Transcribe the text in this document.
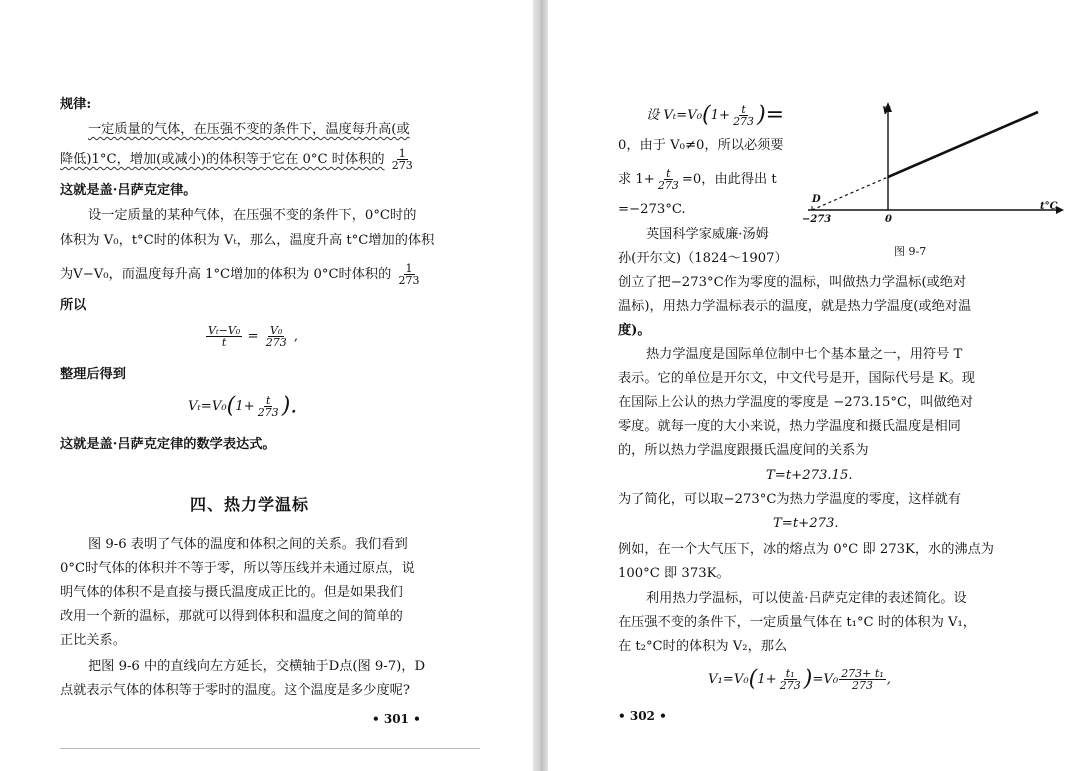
规律:
一定质量的气体，在压强不变的条件下，温度每升高(或
降低)1°C，增加(或减小)的体积等于它在 0°C 时体积的 $\frac{1}{273}$
这就是盖·吕萨克定律。
设一定质量的某种气体，在压强不变的条件下，0°C时的
体积为 V₀，t°C时的体积为 Vₜ，那么，温度升高 t°C增加的体积
为V−V₀，而温度每升高 1°C增加的体积为 0°C时体积的 $\frac{1}{273}$
所以
$\frac{\text{Vₜ−V₀}}{t} = \frac{\text{V₀}}{273}$ ,
整理后得到
$V_t=V_0(1+ \frac{t}{273}$ ).
这就是盖·吕萨克定律的数学表达式。
四、热力学温标
图 9-6 表明了气体的温度和体积之间的关系。我们看到
0°C时气体的体积并不等于零，所以等压线并未通过原点，说
明气体的体积不是直接与摄氏温度成正比的。但是如果我们
改用一个新的温标，那就可以得到体积和温度之间的简单的
正比关系。
把图 9-6 中的直线向左方延长，交横轴于D点(图 9-7)，D
点就表示气体的体积等于零时的温度。这个温度是多少度呢?
• 301 •
设 $V_t=V_0(1+ \frac{t}{273}$ )=
0，由于 V₀≠0，所以必须要
求 $1+ \frac{t}{273} =0$，由此得出 t
=−273°C.
英国科学家威廉·汤姆
孙(开尔文)（1824～1907）
V
t°C
D
−273	0
图 9-7
创立了把−273°C作为零度的温标，叫做热力学温标(或绝对
温标)，用热力学温标表示的温度，就是热力学温度(或绝对温
度)。
热力学温度是国际单位制中七个基本量之一，用符号 T
表示。它的单位是开尔文，中文代号是开，国际代号是 K。现
在国际上公认的热力学温度的零度是 −273.15°C，叫做绝对
零度。就每一度的大小来说，热力学温度和摄氏温度是相同
的，所以热力学温度跟摄氏温度间的关系为
T=t+273.15.
为了简化，可以取−273°C为热力学温度的零度，这样就有
T=t+273.
例如，在一个大气压下，冰的熔点为 0°C 即 273K，水的沸点为
100°C 即 373K。
利用热力学温标，可以使盖·吕萨克定律的表述简化。设
在压强不变的条件下，一定质量气体在 t₁°C 时的体积为 V₁，
在 t₂°C时的体积为 V₂，那么
$V_1=V_0(1+ \frac{\text{t₁}}{273} )=V_0 \frac{\text{273+ t₁}}{273}$ ,
• 302 •
